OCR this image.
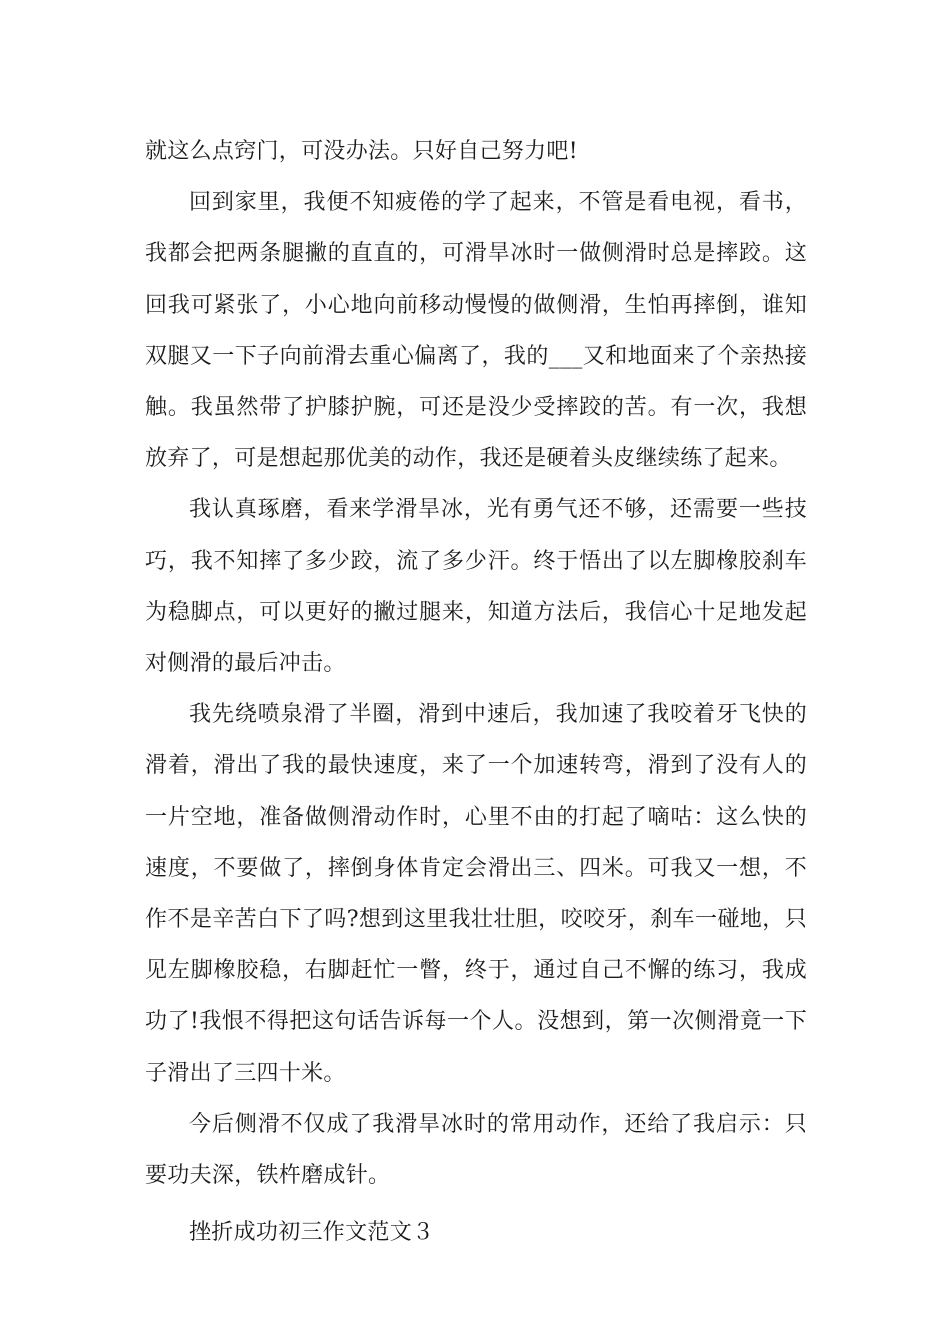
就这么点窍门，可没办法。只好自己努力吧!

回到家里，我便不知疲倦的学了起来，不管是看电视，看书，我都会把两条腿撇的直直的，可滑旱冰时一做侧滑时总是摔跤。这回我可紧张了，小心地向前移动慢慢的做侧滑，生怕再摔倒，谁知双腿又一下子向前滑去重心偏离了，我的___又和地面来了个亲热接触。我虽然带了护膝护腕，可还是没少受摔跤的苦。有一次，我想放弃了，可是想起那优美的动作，我还是硬着头皮继续练了起来。

我认真琢磨，看来学滑旱冰，光有勇气还不够，还需要一些技巧，我不知摔了多少跤，流了多少汗。终于悟出了以左脚橡胶刹车为稳脚点，可以更好的撇过腿来，知道方法后，我信心十足地发起对侧滑的最后冲击。

我先绕喷泉滑了半圈，滑到中速后，我加速了我咬着牙飞快的滑着，滑出了我的最快速度，来了一个加速转弯，滑到了没有人的一片空地，准备做侧滑动作时，心里不由的打起了嘀咕：这么快的速度，不要做了，摔倒身体肯定会滑出三、四米。可我又一想，不作不是辛苦白下了吗?想到这里我壮壮胆，咬咬牙，刹车一碰地，只见左脚橡胶稳，右脚赶忙一瞥，终于，通过自己不懈的练习，我成功了!我恨不得把这句话告诉每一个人。没想到，第一次侧滑竟一下子滑出了三四十米。

今后侧滑不仅成了我滑旱冰时的常用动作，还给了我启示：只要功夫深，铁杵磨成针。

挫折成功初三作文范文３
